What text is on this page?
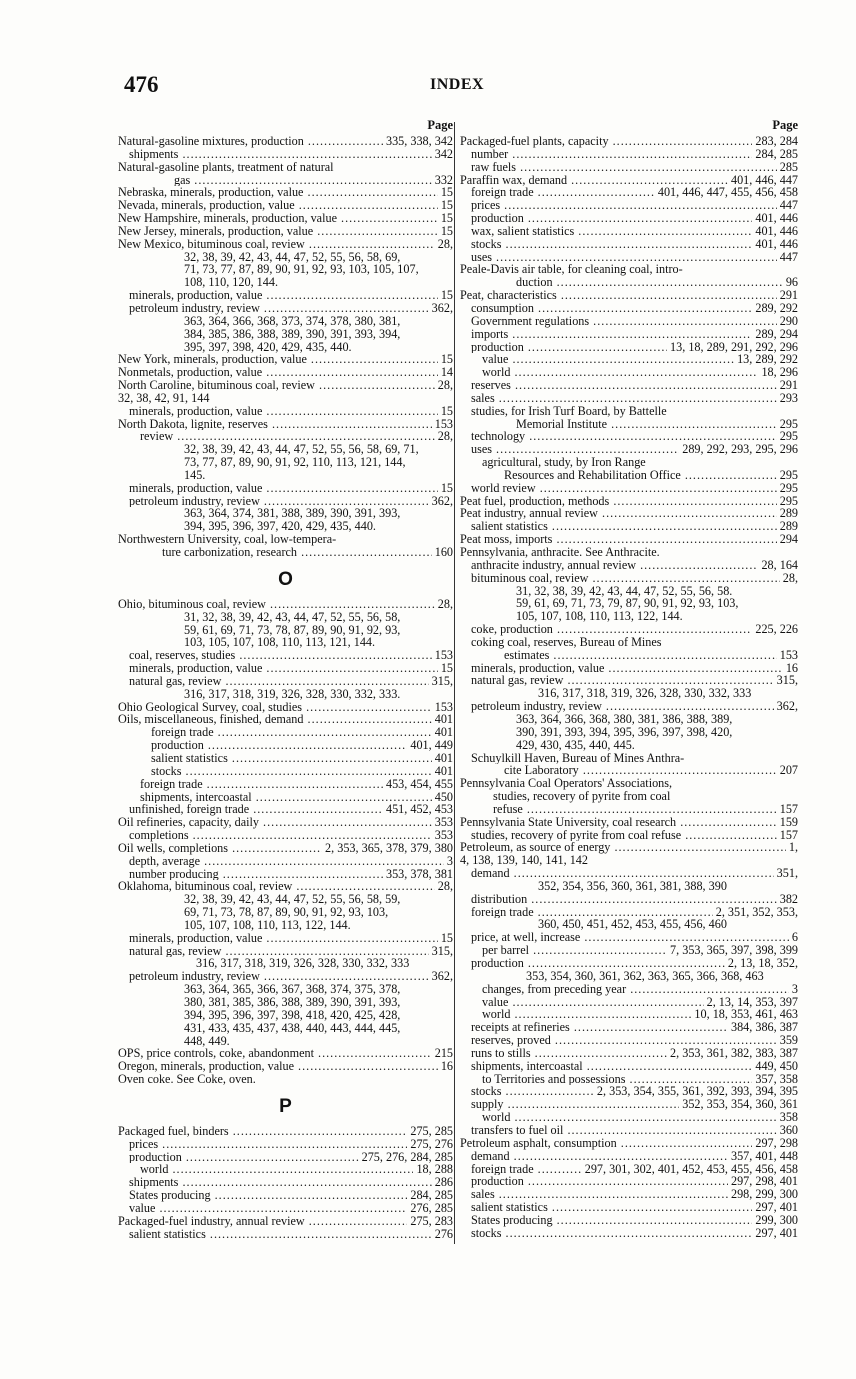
476	INDEX
Page
Natural-gasoline mixtures, production .....	335, 338, 342
shipments .....	342
Natural-gasoline plants, treatment of natural
gas .....	332
Nebraska, minerals, production, value .....	15
Nevada, minerals, production, value .....	15
New Hampshire, minerals, production, value .....	15
New Jersey, minerals, production, value .....	15
New Mexico, bituminous coal, review .....	28,
32, 38, 39, 42, 43, 44, 47, 52, 55, 56, 58, 69,
71, 73, 77, 87, 89, 90, 91, 92, 93, 103, 105, 107,
108, 110, 120, 144.
minerals, production, value .....	15
petroleum industry, review .....	362,
363, 364, 366, 368, 373, 374, 378, 380, 381,
384, 385, 386, 388, 389, 390, 391, 393, 394,
395, 397, 398, 420, 429, 435, 440.
New York, minerals, production, value .....	15
Nonmetals, production, value .....	14
North Caroline, bituminous coal, review .....	28,
32, 38, 42, 91, 144
minerals, production, value .....	15
North Dakota, lignite, reserves .....	153
review .....	28,
32, 38, 39, 42, 43, 44, 47, 52, 55, 56, 58, 69, 71,
73, 77, 87, 89, 90, 91, 92, 110, 113, 121, 144,
145.
minerals, production, value .....	15
petroleum industry, review .....	362,
363, 364, 374, 381, 388, 389, 390, 391, 393,
394, 395, 396, 397, 420, 429, 435, 440.
Northwestern University, coal, low-tempera-
ture carbonization, research .....	160
O
Ohio, bituminous coal, review .....	28,
31, 32, 38, 39, 42, 43, 44, 47, 52, 55, 56, 58,
59, 61, 69, 71, 73, 78, 87, 89, 90, 91, 92, 93,
103, 105, 107, 108, 110, 113, 121, 144.
coal, reserves, studies .....	153
minerals, production, value .....	15
natural gas, review .....	315,
316, 317, 318, 319, 326, 328, 330, 332, 333.
Ohio Geological Survey, coal, studies .....	153
Oils, miscellaneous, finished, demand .....	401
foreign trade .....	401
production .....	401, 449
salient statistics .....	401
stocks .....	401
foreign trade .....	453, 454, 455
shipments, intercoastal .....	450
unfinished, foreign trade .....	451, 452, 453
Oil refineries, capacity, daily .....	353
completions .....	353
Oil wells, completions .....	2, 353, 365, 378, 379, 380
depth, average .....	3
number producing .....	353, 378, 381
Oklahoma, bituminous coal, review .....	28,
32, 38, 39, 42, 43, 44, 47, 52, 55, 56, 58, 59,
69, 71, 73, 78, 87, 89, 90, 91, 92, 93, 103,
105, 107, 108, 110, 113, 122, 144.
minerals, production, value .....	15
natural gas, review .....	315,
316, 317, 318, 319, 326, 328, 330, 332, 333
petroleum industry, review .....	362,
363, 364, 365, 366, 367, 368, 374, 375, 378,
380, 381, 385, 386, 388, 389, 390, 391, 393,
394, 395, 396, 397, 398, 418, 420, 425, 428,
431, 433, 435, 437, 438, 440, 443, 444, 445,
448, 449.
OPS, price controls, coke, abandonment .....	215
Oregon, minerals, production, value .....	16
Oven coke. See Coke, oven.
P
Packaged fuel, binders .....	275, 285
prices .....	275, 276
production .....	275, 276, 284, 285
world .....	18, 288
shipments .....	286
States producing .....	284, 285
value .....	276, 285
Packaged-fuel industry, annual review .....	275, 283
salient statistics .....	276
Page
Packaged-fuel plants, capacity .....	283, 284
number .....	284, 285
raw fuels .....	285
Paraffin wax, demand .....	401, 446, 447
foreign trade .....	401, 446, 447, 455, 456, 458
prices .....	447
production .....	401, 446
wax, salient statistics .....	401, 446
stocks .....	401, 446
uses .....	447
Peale-Davis air table, for cleaning coal, intro-
duction .....	96
Peat, characteristics .....	291
consumption .....	289, 292
Government regulations .....	290
imports .....	289, 294
production .....	13, 18, 289, 291, 292, 296
value .....	13, 289, 292
world .....	18, 296
reserves .....	291
sales .....	293
studies, for Irish Turf Board, by Battelle
Memorial Institute .....	295
technology .....	295
uses .....	289, 292, 293, 295, 296
agricultural, study, by Iron Range
Resources and Rehabilitation Office .....	295
world review .....	295
Peat fuel, production, methods .....	295
Peat industry, annual review .....	289
salient statistics .....	289
Peat moss, imports .....	294
Pennsylvania, anthracite. See Anthracite.
anthracite industry, annual review .....	28, 164
bituminous coal, review .....	28,
31, 32, 38, 39, 42, 43, 44, 47, 52, 55, 56, 58.
59, 61, 69, 71, 73, 79, 87, 90, 91, 92, 93, 103,
105, 107, 108, 110, 113, 122, 144.
coke, production .....	225, 226
coking coal, reserves, Bureau of Mines
estimates .....	153
minerals, production, value .....	16
natural gas, review .....	315,
316, 317, 318, 319, 326, 328, 330, 332, 333
petroleum industry, review .....	362,
363, 364, 366, 368, 380, 381, 386, 388, 389,
390, 391, 393, 394, 395, 396, 397, 398, 420,
429, 430, 435, 440, 445.
Schuylkill Haven, Bureau of Mines Anthra-
cite Laboratory .....	207
Pennsylvania Coal Operators' Associations,
studies, recovery of pyrite from coal
refuse .....	157
Pennsylvania State University, coal research .....	159
studies, recovery of pyrite from coal refuse .....	157
Petroleum, as source of energy .....	1,
4, 138, 139, 140, 141, 142
demand .....	351,
352, 354, 356, 360, 361, 381, 388, 390
distribution .....	382
foreign trade .....	2, 351, 352, 353,
360, 450, 451, 452, 453, 455, 456, 460
price, at well, increase .....	6
per barrel .....	7, 353, 365, 397, 398, 399
production .....	2, 13, 18, 352,
353, 354, 360, 361, 362, 363, 365, 366, 368, 463
changes, from preceding year .....	3
value .....	2, 13, 14, 353, 397
world .....	10, 18, 353, 461, 463
receipts at refineries .....	384, 386, 387
reserves, proved .....	359
runs to stills .....	2, 353, 361, 382, 383, 387
shipments, intercoastal .....	449, 450
to Territories and possessions .....	357, 358
stocks .....	2, 353, 354, 355, 361, 392, 393, 394, 395
supply .....	352, 353, 354, 360, 361
world .....	358
transfers to fuel oil .....	360
Petroleum asphalt, consumption .....	297, 298
demand .....	357, 401, 448
foreign trade .....	297, 301, 302, 401, 452, 453, 455, 456, 458
production .....	297, 298, 401
sales .....	298, 299, 300
salient statistics .....	297, 401
States producing .....	299, 300
stocks .....	297, 401
